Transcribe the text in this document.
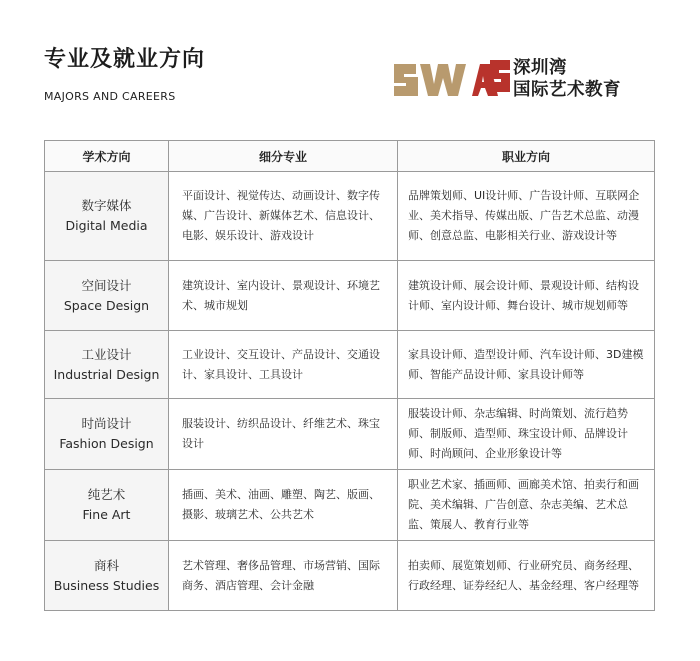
专业及就业方向
MAJORS AND CAREERS
深圳湾
国际艺术教育
学术方向	细分专业	职业方向

数字媒体
Digital Media	平面设计、视觉传达、动画设计、数字传媒、广告设计、新媒体艺术、信息设计、电影、娱乐设计、游戏设计	品牌策划师、UI设计师、广告设计师、互联网企业、美术指导、传媒出版、广告艺术总监、动漫师、创意总监、电影相关行业、游戏设计等

空间设计
Space Design	建筑设计、室内设计、景观设计、环境艺术、城市规划	建筑设计师、展会设计师、景观设计师、结构设计师、室内设计师、舞台设计、城市规划师等

工业设计
Industrial Design	工业设计、交互设计、产品设计、交通设计、家具设计、工具设计	家具设计师、造型设计师、汽车设计师、3D建模师、智能产品设计师、家具设计师等

时尚设计
Fashion Design	服装设计、纺织品设计、纤维艺术、珠宝设计	服装设计师、杂志编辑、时尚策划、流行趋势师、制版师、造型师、珠宝设计师、品牌设计师、时尚顾问、企业形象设计等

纯艺术
Fine Art	插画、美术、油画、雕塑、陶艺、版画、摄影、玻璃艺术、公共艺术	职业艺术家、插画师、画廊美术馆、拍卖行和画院、美术编辑、广告创意、杂志美编、艺术总监、策展人、教育行业等

商科
Business Studies	艺术管理、奢侈品管理、市场营销、国际商务、酒店管理、会计金融	拍卖师、展览策划师、行业研究员、商务经理、行政经理、证券经纪人、基金经理、客户经理等
